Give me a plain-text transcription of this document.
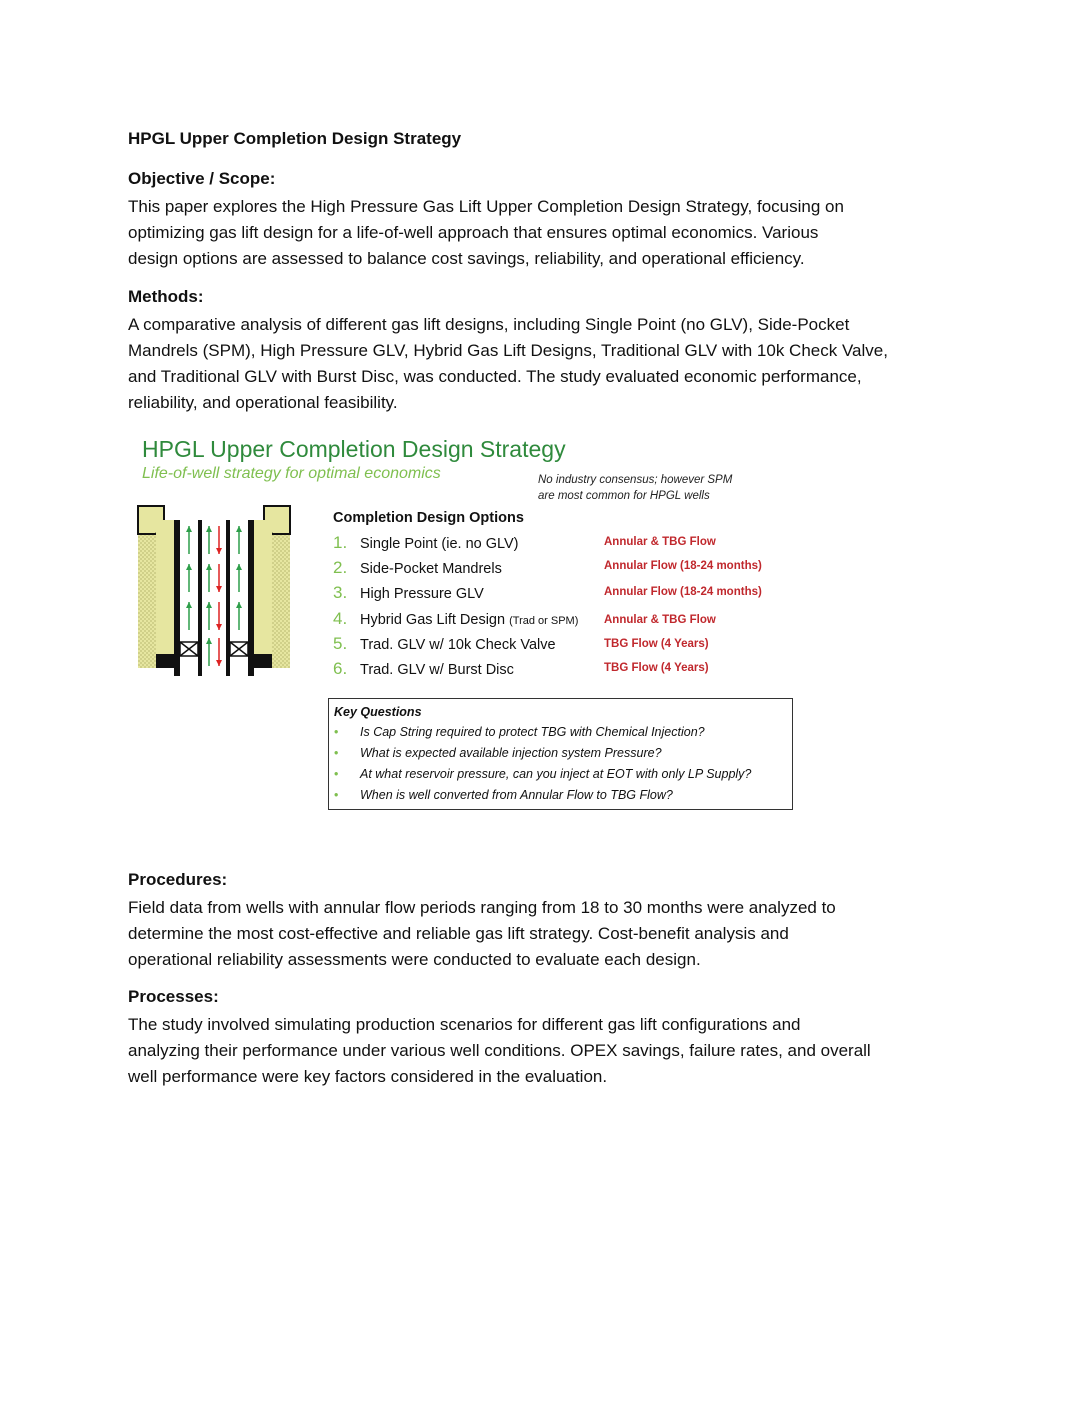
HPGL Upper Completion Design Strategy
Objective / Scope:

This paper explores the High Pressure Gas Lift Upper Completion Design Strategy, focusing on
optimizing gas lift design for a life-of-well approach that ensures optimal economics. Various
design options are assessed to balance cost savings, reliability, and operational efficiency.

Methods:

A comparative analysis of different gas lift designs, including Single Point (no GLV), Side-Pocket
Mandrels (SPM), High Pressure GLV, Hybrid Gas Lift Designs, Traditional GLV with 10k Check Valve,
and Traditional GLV with Burst Disc, was conducted. The study evaluated economic performance,
reliability, and operational feasibility.

HPGL Upper Completion Design Strategy
Life-of-well strategy for optimal economics	No industry consensus; however SPM
are most common for HPGL wells
Completion Design Options
1. Single Point (ie. no GLV)
2. Side-Pocket Mandrels
3. High Pressure GLV
4. Hybrid Gas Lift Design (Trad or SPM)
5. Trad. GLV w/ 10k Check Valve
6. Trad. GLV w/ Burst Disc
Annular & TBG Flow
Annular Flow (18-24 months)
Annular Flow (18-24 months)
Annular & TBG Flow
TBG Flow (4 Years)
TBG Flow (4 Years)
Key Questions
• Is Cap String required to protect TBG with Chemical Injection?
• What is expected available injection system Pressure?
• At what reservoir pressure, can you inject at EOT with only LP Supply?
• When is well converted from Annular Flow to TBG Flow?
Procedures:

Field data from wells with annular flow periods ranging from 18 to 30 months were analyzed to
determine the most cost-effective and reliable gas lift strategy. Cost-benefit analysis and
operational reliability assessments were conducted to evaluate each design.

Processes:

The study involved simulating production scenarios for different gas lift configurations and
analyzing their performance under various well conditions. OPEX savings, failure rates, and overall
well performance were key factors considered in the evaluation.
